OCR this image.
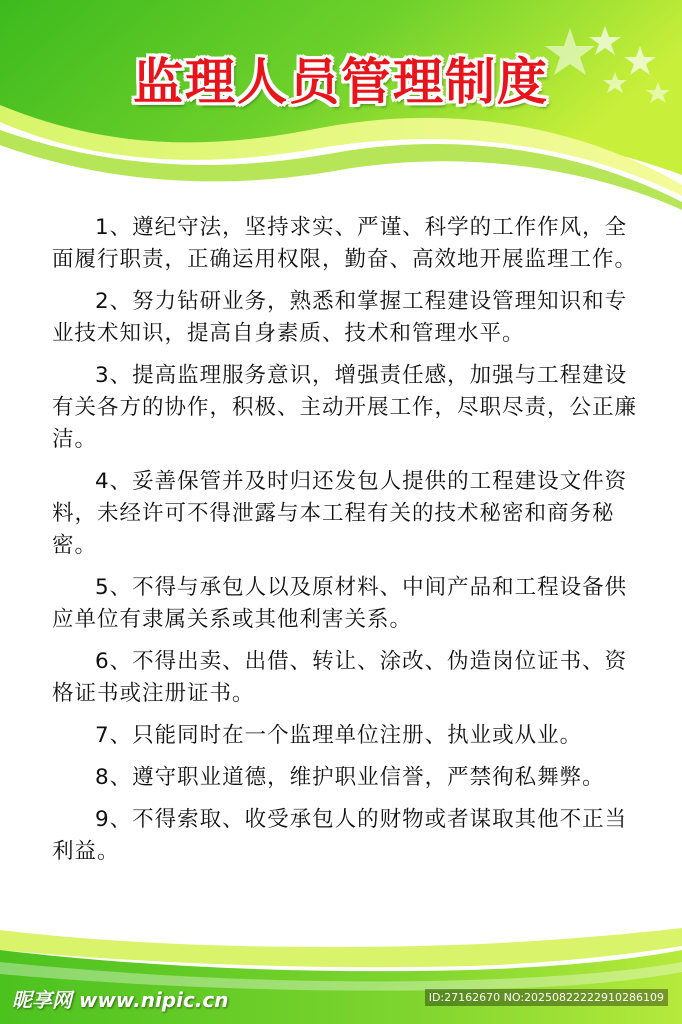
监理人员管理制度

1、遵纪守法，坚持求实、严谨、科学的工作作风，全面履行职责，正确运用权限，勤奋、高效地开展监理工作。

2、努力钻研业务，熟悉和掌握工程建设管理知识和专业技术知识，提高自身素质、技术和管理水平。

3、提高监理服务意识，增强责任感，加强与工程建设有关各方的协作，积极、主动开展工作，尽职尽责，公正廉洁。

4、妥善保管并及时归还发包人提供的工程建设文件资料，未经许可不得泄露与本工程有关的技术秘密和商务秘密。

5、不得与承包人以及原材料、中间产品和工程设备供应单位有隶属关系或其他利害关系。

6、不得出卖、出借、转让、涂改、伪造岗位证书、资格证书或注册证书。

7、只能同时在一个监理单位注册、执业或从业。

8、遵守职业道德，维护职业信誉，严禁徇私舞弊。

9、不得索取、收受承包人的财物或者谋取其他不正当利益。

昵享网 www.nipic.cn	ID:27162670 NO:20250822222910286109
